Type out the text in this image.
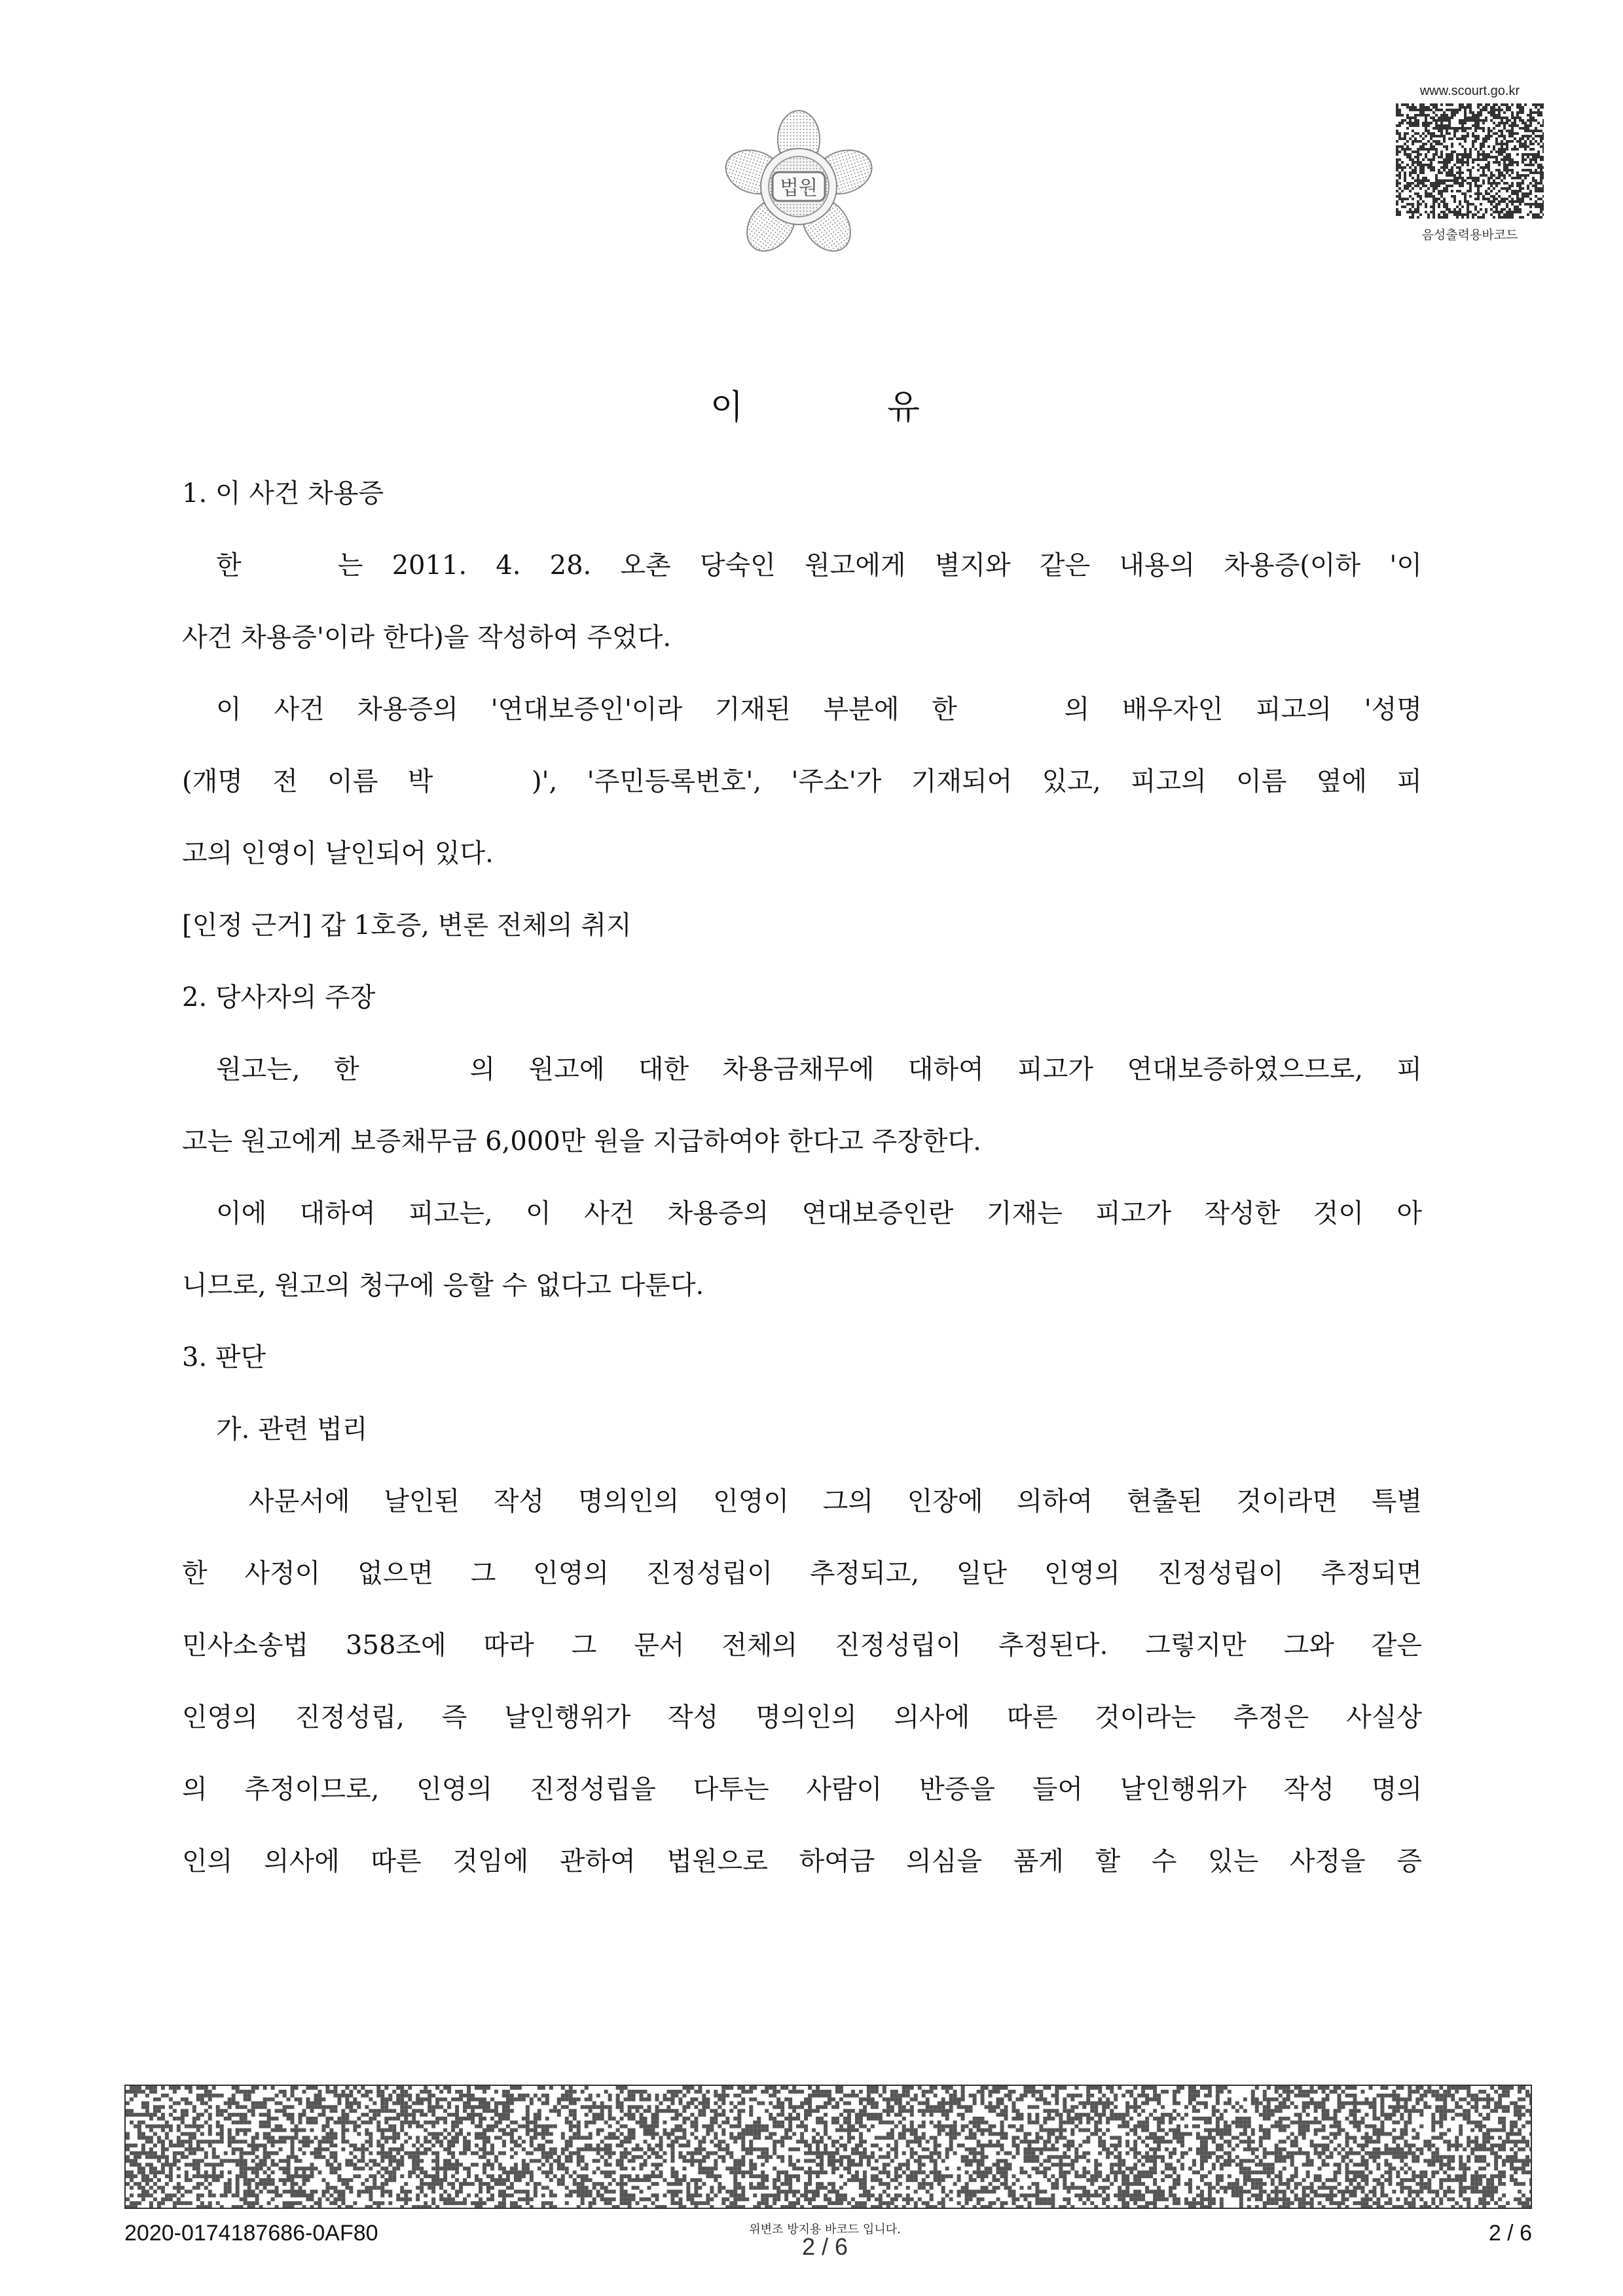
법원
www.scourt.go.kr
음성출력용바코드
이	유
1. 이 사건 차용증
한　 는 2011. 4. 28. 오촌 당숙인 원고에게 별지와 같은 내용의 차용증(이하 '이
사건 차용증'이라 한다)을 작성하여 주었다.
이 사건 차용증의 '연대보증인'이라 기재된 부분에 한　 의 배우자인 피고의 '성명
(개명 전 이름 박　 )', '주민등록번호', '주소'가 기재되어 있고, 피고의 이름 옆에 피
고의 인영이 날인되어 있다.
[인정 근거] 갑 1호증, 변론 전체의 취지
2. 당사자의 주장
원고는, 한　 의 원고에 대한 차용금채무에 대하여 피고가 연대보증하였으므로, 피
고는 원고에게 보증채무금 6,000만 원을 지급하여야 한다고 주장한다.
이에 대하여 피고는, 이 사건 차용증의 연대보증인란 기재는 피고가 작성한 것이 아
니므로, 원고의 청구에 응할 수 없다고 다툰다.
3. 판단
가. 관련 법리
사문서에 날인된 작성 명의인의 인영이 그의 인장에 의하여 현출된 것이라면 특별
한 사정이 없으면 그 인영의 진정성립이 추정되고, 일단 인영의 진정성립이 추정되면
민사소송법 358조에 따라 그 문서 전체의 진정성립이 추정된다. 그렇지만 그와 같은
인영의 진정성립, 즉 날인행위가 작성 명의인의 의사에 따른 것이라는 추정은 사실상
의 추정이므로, 인영의 진정성립을 다투는 사람이 반증을 들어 날인행위가 작성 명의
인의 의사에 따른 것임에 관하여 법원으로 하여금 의심을 품게 할 수 있는 사정을 증
2020-0174187686-0AF80	위변조 방지용 바코드 입니다.
2 / 6	2 / 6
